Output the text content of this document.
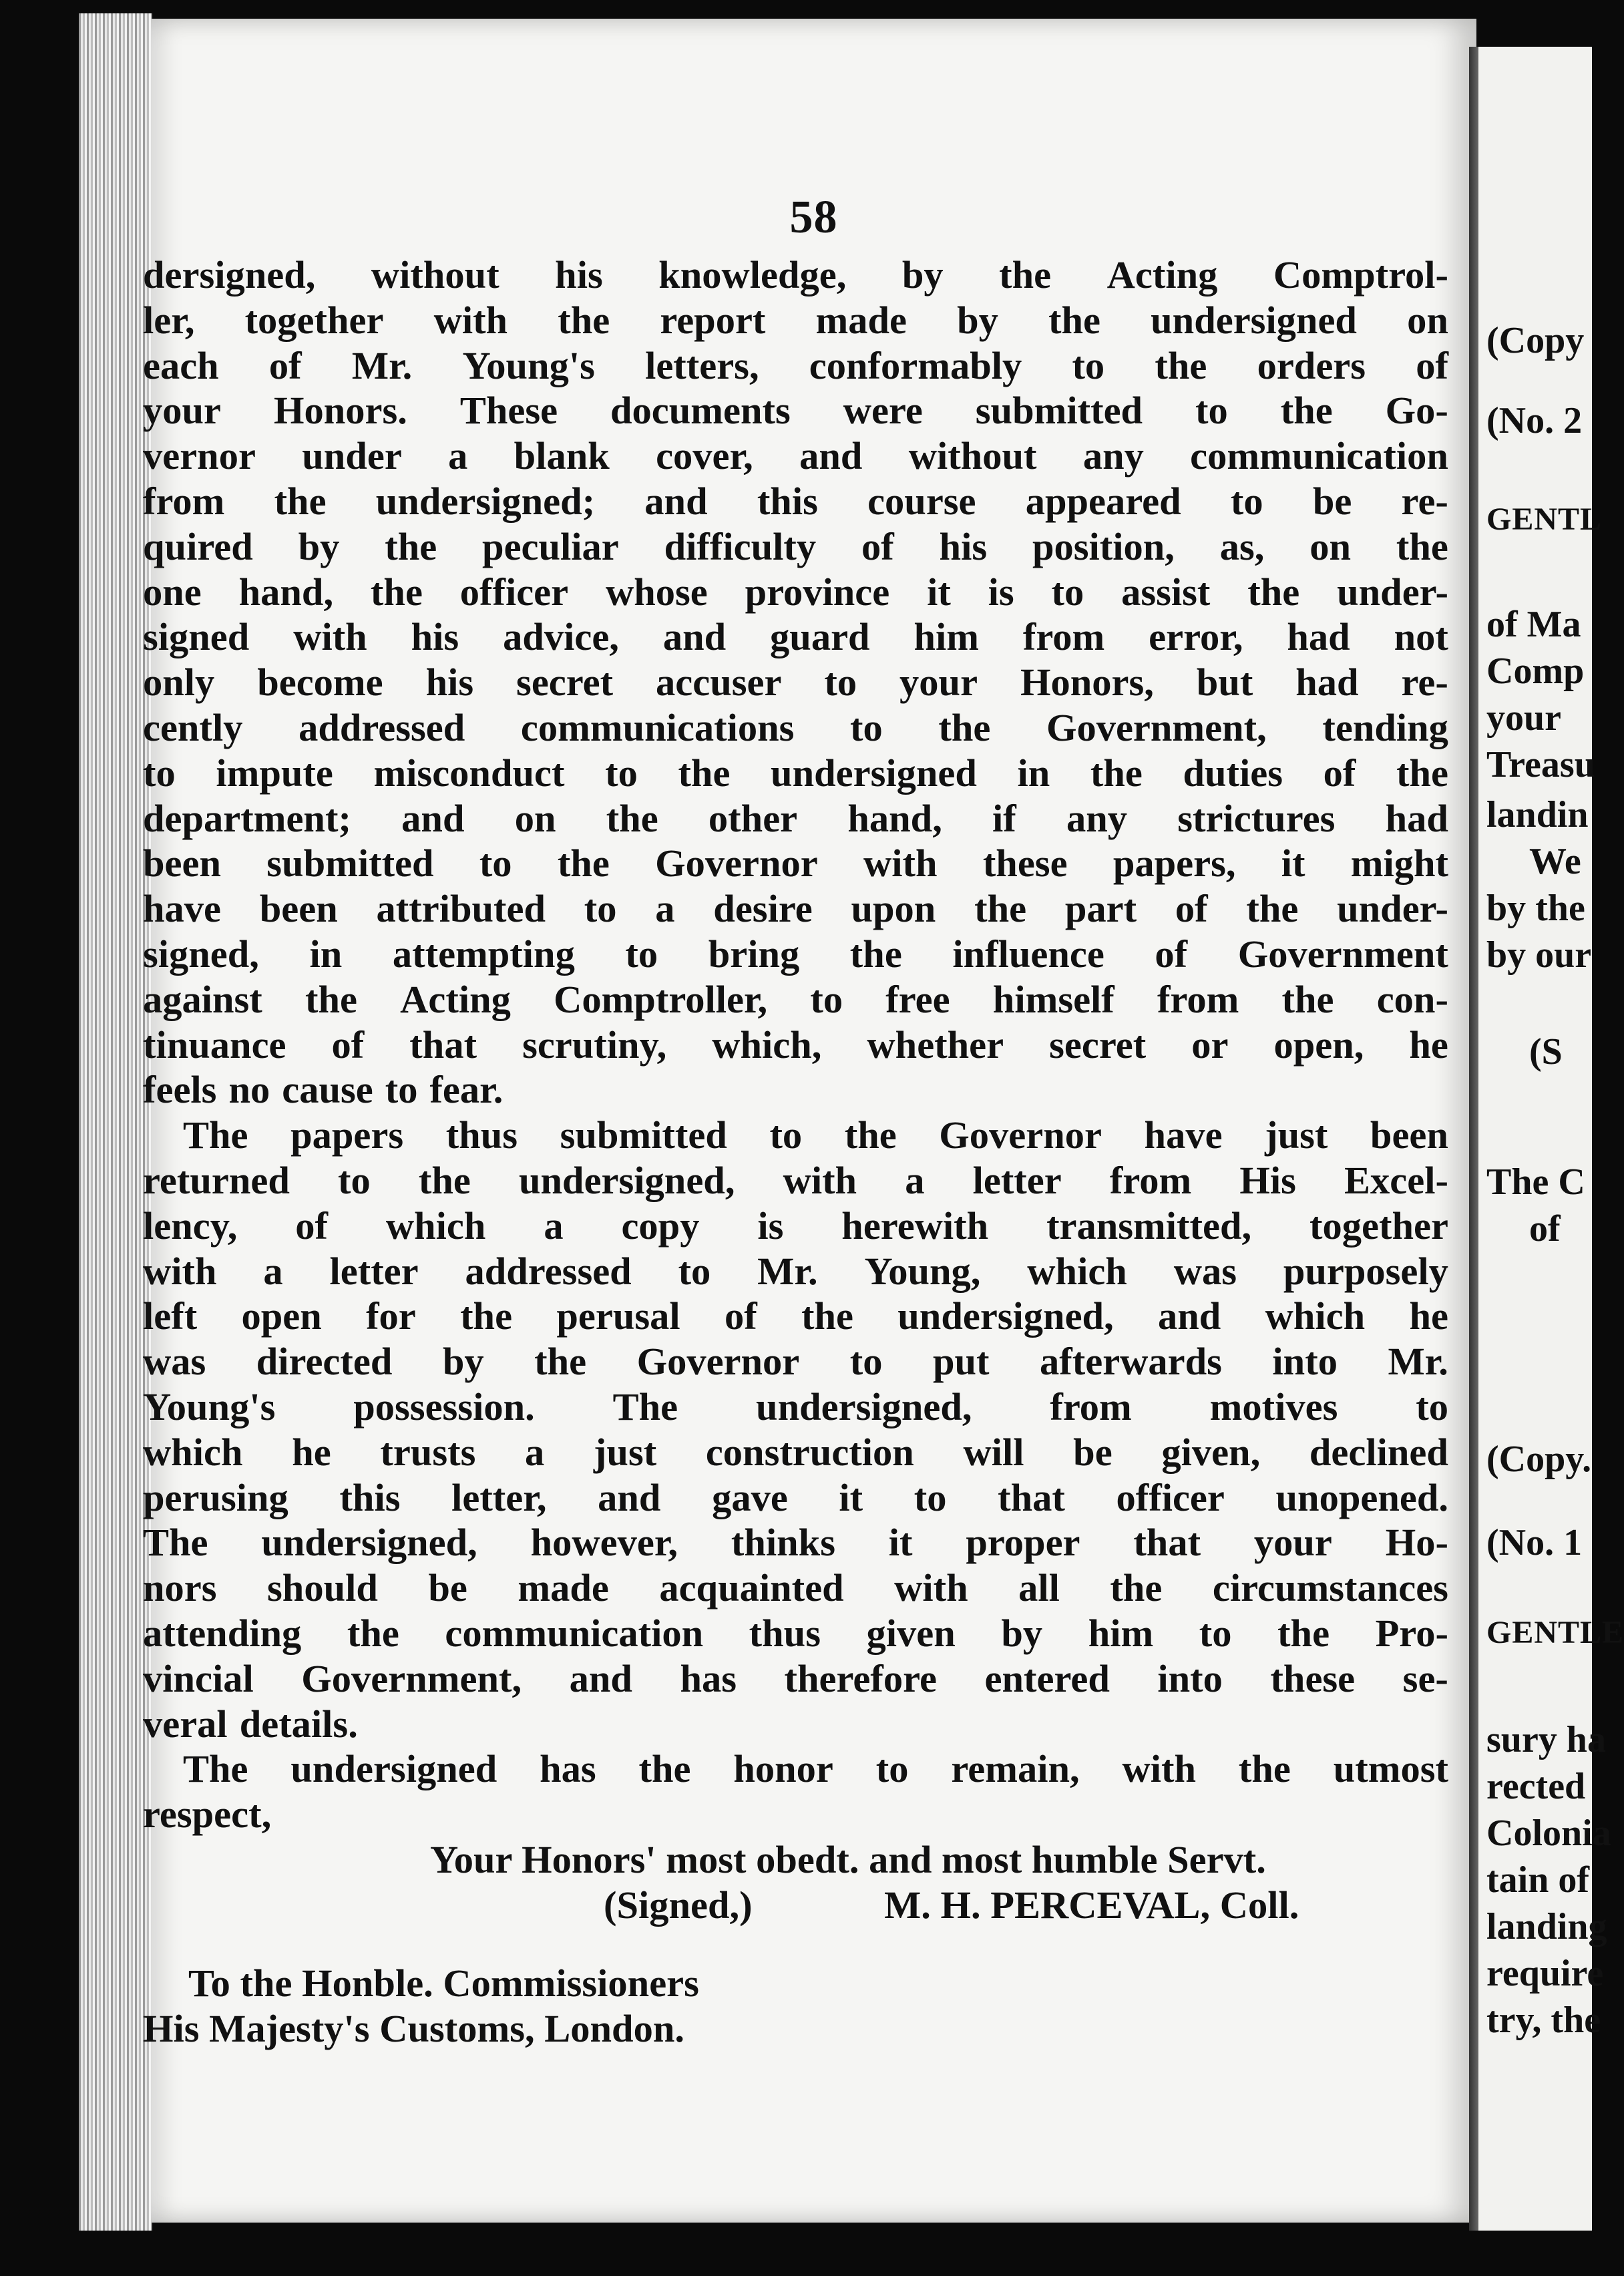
58
dersigned, without his knowledge, by the Acting Comptrol-
ler, together with the report made by the undersigned on
each of Mr. Young's letters, conformably to the orders of
your Honors. These documents were submitted to the Go-
vernor under a blank cover, and without any communication
from the undersigned; and this course appeared to be re-
quired by the peculiar difficulty of his position, as, on the
one hand, the officer whose province it is to assist the under-
signed with his advice, and guard him from error, had not
only become his secret accuser to your Honors, but had re-
cently addressed communications to the Government, tending
to impute misconduct to the undersigned in the duties of the
department; and on the other hand, if any strictures had
been submitted to the Governor with these papers, it might
have been attributed to a desire upon the part of the under-
signed, in attempting to bring the influence of Government
against the Acting Comptroller, to free himself from the con-
tinuance of that scrutiny, which, whether secret or open, he
feels no cause to fear.
The papers thus submitted to the Governor have just been
returned to the undersigned, with a letter from His Excel-
lency, of which a copy is herewith transmitted, together
with a letter addressed to Mr. Young, which was purposely
left open for the perusal of the undersigned, and which he
was directed by the Governor to put afterwards into Mr.
Young's possession. The undersigned, from motives to
which he trusts a just construction will be given, declined
perusing this letter, and gave it to that officer unopened.
The undersigned, however, thinks it proper that your Ho-
nors should be made acquainted with all the circumstances
attending the communication thus given by him to the Pro-
vincial Government, and has therefore entered into these se-
veral details.
The undersigned has the honor to remain, with the utmost
respect,
Your Honors' most obedt. and most humble Servt.
(Signed,)	M. H. PERCEVAL, Coll.
To the Honble. Commissioners
His Majesty's Customs, London.
(Copy
(No. 2
GENTL
of Ma
Comp
your
Treasu
landin
We
by the
by our
(S
The C
of
(Copy.
(No. 1
GENTLE
sury ha
rected
Colonia
tain of
landing
require
try, the
